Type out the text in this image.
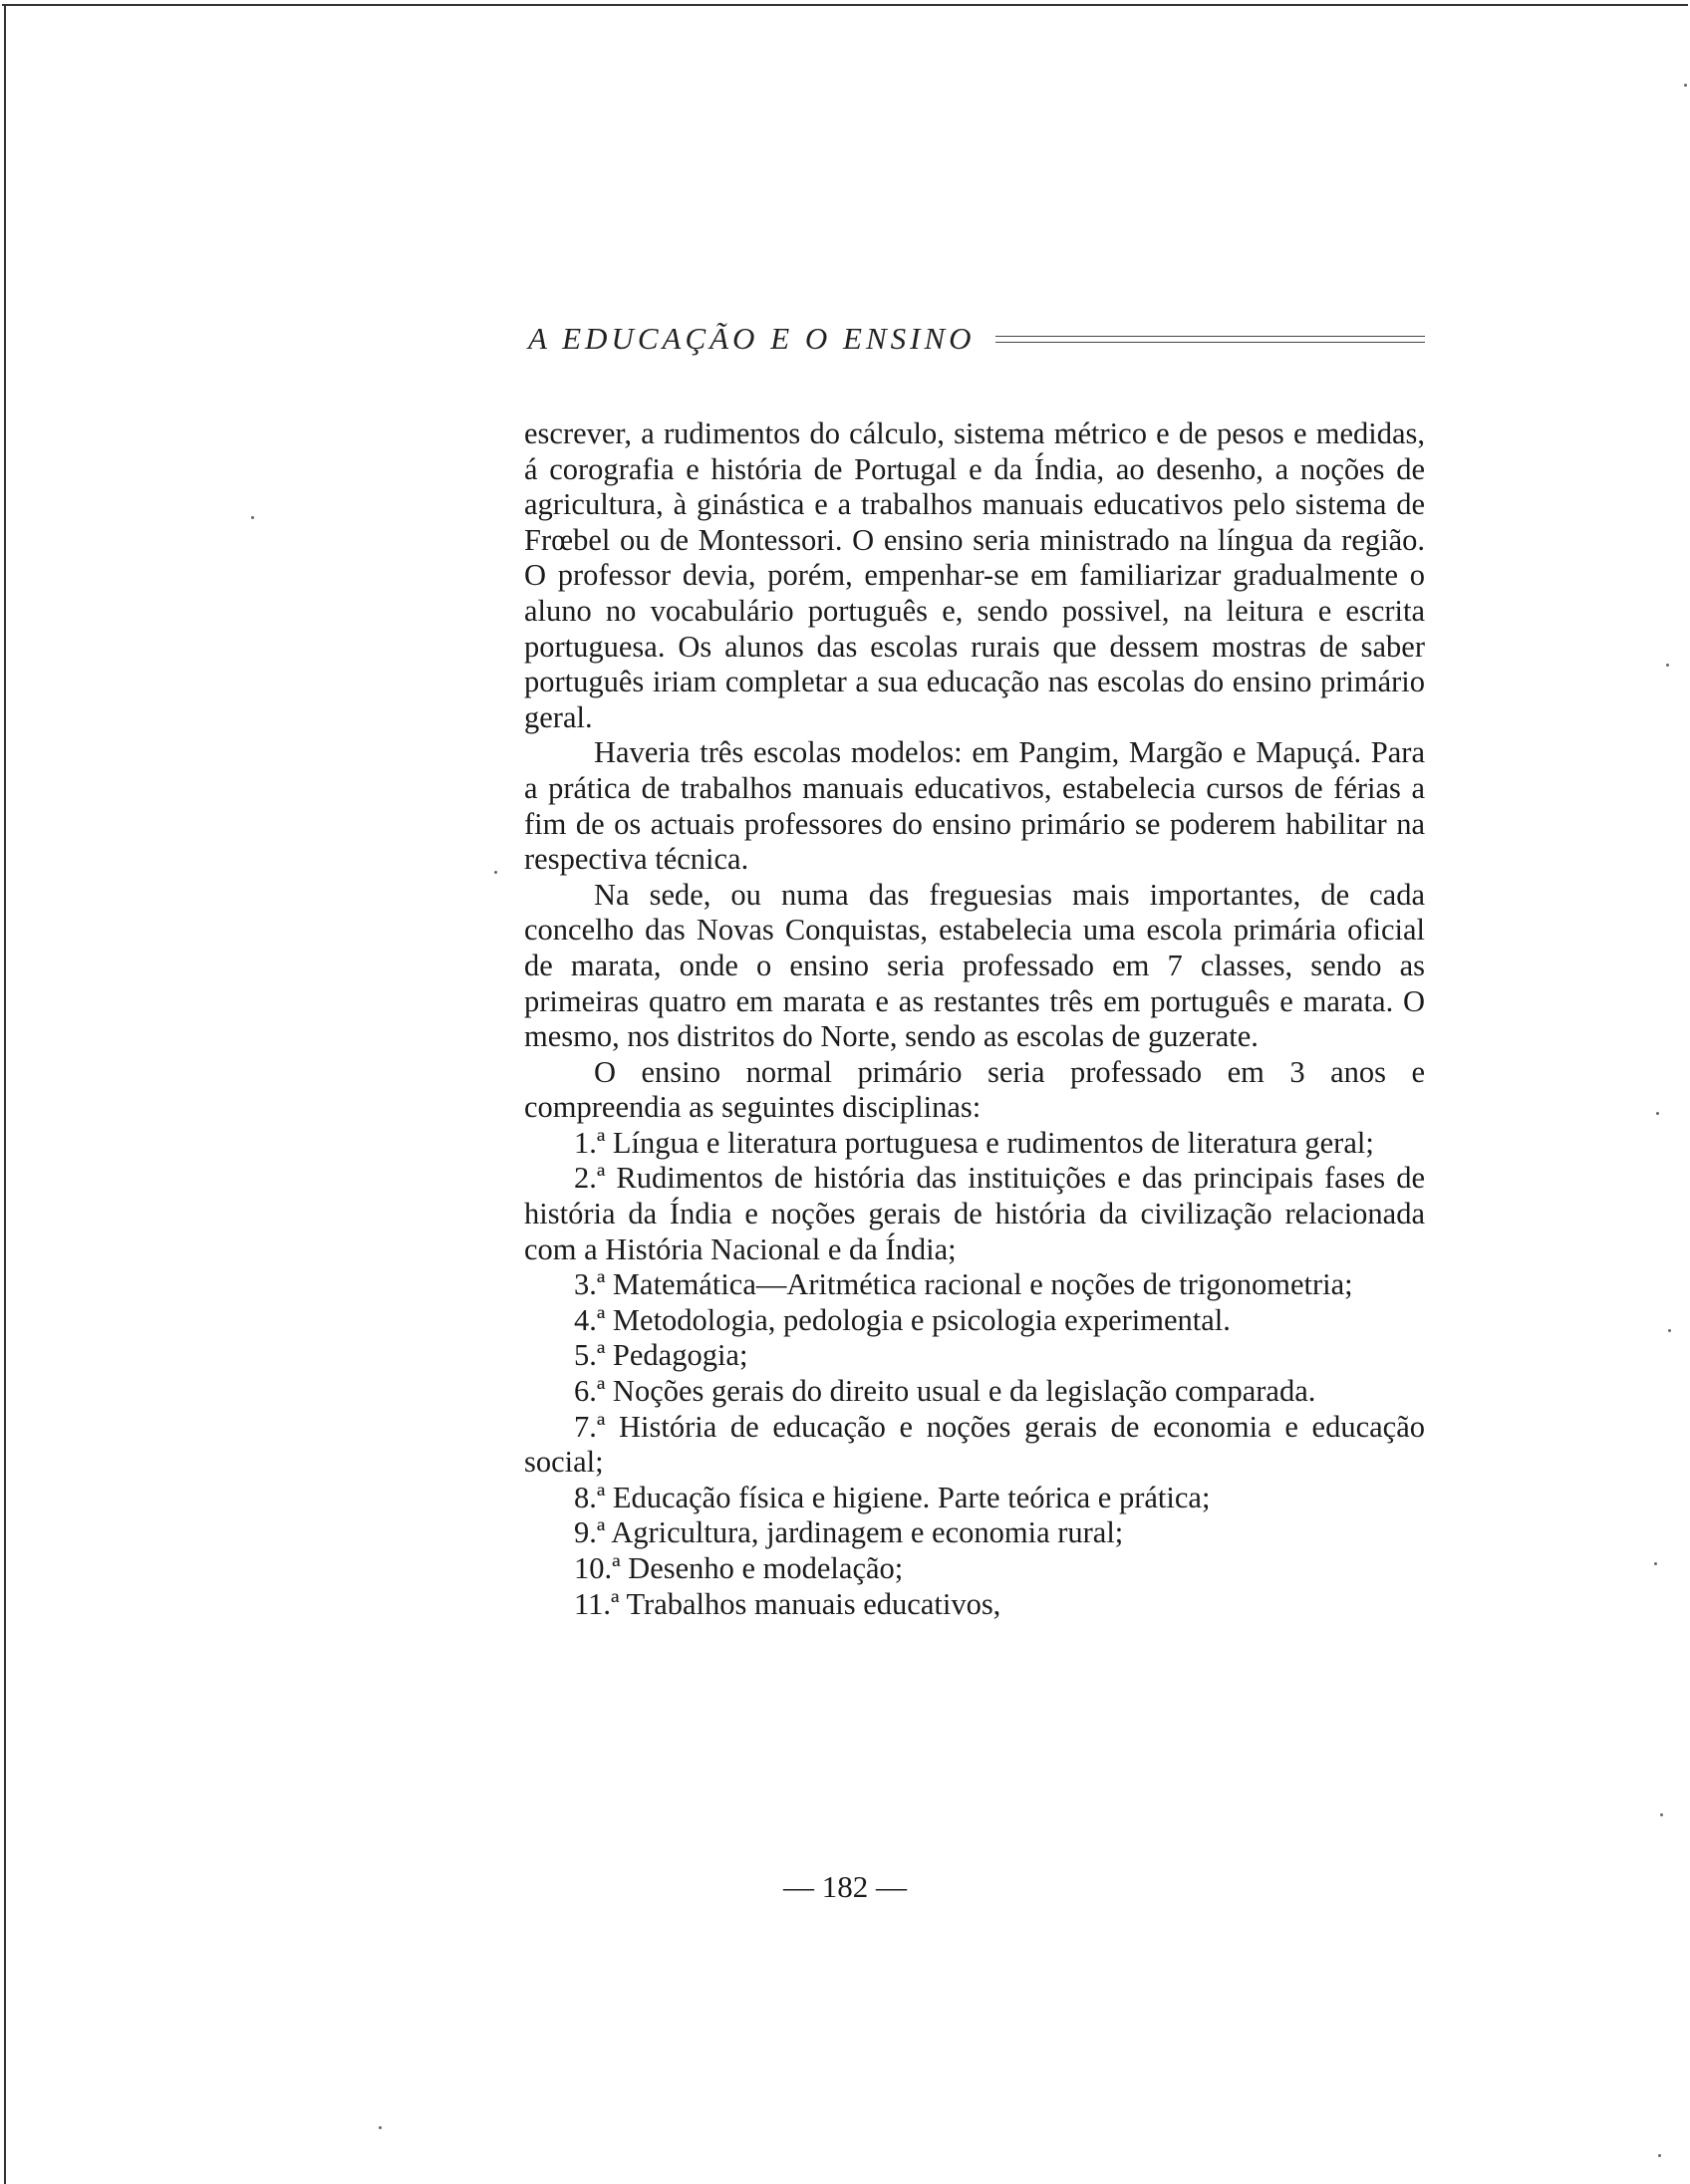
A EDUCAÇÃO E O ENSINO

escrever, a rudimentos do cálculo, sistema métrico e de pesos e medidas, á corografia e história de Portugal e da Índia, ao desenho, a noções de agricultura, à ginástica e a trabalhos manuais educativos pelo sistema de Frœbel ou de Montessori. O ensino seria ministrado na língua da região. O professor devia, porém, empenhar-se em familiarizar gradualmente o aluno no vocabulário português e, sendo possivel, na leitura e escrita portuguesa. Os alunos das escolas rurais que dessem mostras de saber português iriam completar a sua educação nas escolas do ensino primário geral.

Haveria três escolas modelos: em Pangim, Margão e Mapuçá. Para a prática de trabalhos manuais educativos, estabelecia cursos de férias a fim de os actuais professores do ensino primário se poderem habilitar na respectiva técnica.

Na sede, ou numa das freguesias mais importantes, de cada concelho das Novas Conquistas, estabelecia uma escola primária oficial de marata, onde o ensino seria professado em 7 classes, sendo as primeiras quatro em marata e as restantes três em português e marata. O mesmo, nos distritos do Norte, sendo as escolas de guzerate.

O ensino normal primário seria professado em 3 anos e compreendia as seguintes disciplinas:

1.ª Língua e literatura portuguesa e rudimentos de literatura geral;

2.ª Rudimentos de história das instituições e das principais fases de história da Índia e noções gerais de história da civilização relacionada com a História Nacional e da Índia;

3.ª Matemática—Aritmética racional e noções de trigonometria;

4.ª Metodologia, pedologia e psicologia experimental.

5.ª Pedagogia;

6.ª Noções gerais do direito usual e da legislação comparada.

7.ª História de educação e noções gerais de economia e educação social;

8.ª Educação física e higiene. Parte teórica e prática;

9.ª Agricultura, jardinagem e economia rural;

10.ª Desenho e modelação;

11.ª Trabalhos manuais educativos,

— 182 —
